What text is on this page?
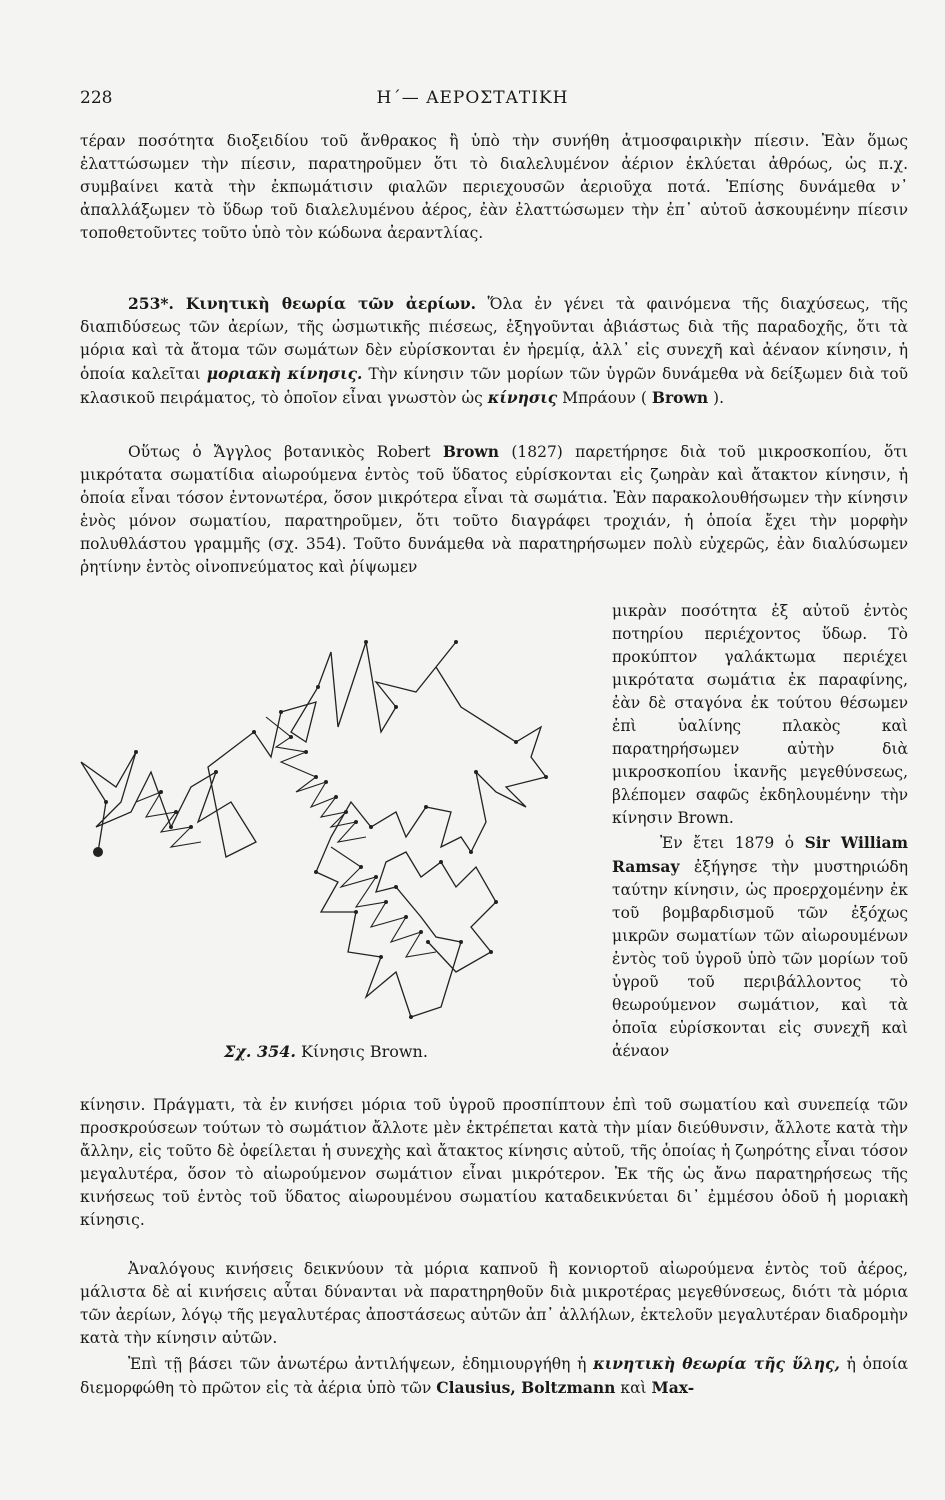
228	Η΄— ΑΕΡΟΣΤΑΤΙΚΗ
τέραν ποσότητα διοξειδίου τοῦ ἄνθρακος ἢ ὑπὸ τὴν συνήθη ἀτμοσφαιρικὴν πίεσιν. Ἐὰν ὅμως ἐλαττώσωμεν τὴν πίεσιν, παρατηροῦμεν ὅτι τὸ διαλελυμένον ἀέριον ἐκλύεται ἀθρόως, ὡς π.χ. συμβαίνει κατὰ τὴν ἐκπωμάτισιν φιαλῶν περιεχουσῶν ἀεριοῦχα ποτά. Ἐπίσης δυνάμεθα ν᾿ ἀπαλλάξωμεν τὸ ὕδωρ τοῦ διαλελυμένου ἀέρος, ἐὰν ἐλαττώσωμεν τὴν ἐπ᾿ αὐτοῦ ἀσκουμένην πίεσιν τοποθετοῦντες τοῦτο ὑπὸ τὸν κώδωνα ἀεραντλίας.
253*. Κινητικὴ θεωρία τῶν ἀερίων. Ὅλα ἐν γένει τὰ φαινόμενα τῆς διαχύσεως, τῆς διαπιδύσεως τῶν ἀερίων, τῆς ὠσμωτικῆς πιέσεως, ἐξηγοῦνται ἀβιάστως διὰ τῆς παραδοχῆς, ὅτι τὰ μόρια καὶ τὰ ἄτομα τῶν σωμάτων δὲν εὑρίσκονται ἐν ἠρεμίᾳ, ἀλλ᾿ εἰς συνεχῆ καὶ ἀέναον κίνησιν, ἡ ὁποία καλεῖται μοριακὴ κίνησις. Τὴν κίνησιν τῶν μορίων τῶν ὑγρῶν δυνάμεθα νὰ δείξωμεν διὰ τοῦ κλασικοῦ πειράματος, τὸ ὁποῖον εἶναι γνωστὸν ὡς κίνησις Μπράουν ( Brown ).
Οὕτως ὁ Ἄγγλος βοτανικὸς Robert Brown (1827) παρετήρησε διὰ τοῦ μικροσκοπίου, ὅτι μικρότατα σωματίδια αἰωρούμενα ἐντὸς τοῦ ὕδατος εὑρίσκονται εἰς ζωηρὰν καὶ ἄτακτον κίνησιν, ἡ ὁποία εἶναι τόσον ἐντονωτέρα, ὅσον μικρότερα εἶναι τὰ σωμάτια. Ἐὰν παρακολουθήσωμεν τὴν κίνησιν ἑνὸς μόνον σωματίου, παρατηροῦμεν, ὅτι τοῦτο διαγράφει τροχιάν, ἡ ὁποία ἔχει τὴν μορφὴν πολυθλάστου γραμμῆς (σχ. 354). Τοῦτο δυνάμεθα νὰ παρατηρήσωμεν πολὺ εὐχερῶς, ἐὰν διαλύσωμεν ῥητίνην ἐντὸς οἰνοπνεύματος καὶ ῥίψωμεν
μικρὰν ποσότητα ἐξ αὐτοῦ ἐντὸς ποτηρίου περιέχοντος ὕδωρ. Τὸ προκύπτον γαλάκτωμα περιέχει μικρότατα σωμάτια ἐκ παραφίνης, ἐὰν δὲ σταγόνα ἐκ τούτου θέσωμεν ἐπὶ ὑαλίνης πλακὸς καὶ παρατηρήσωμεν αὐτὴν διὰ μικροσκοπίου ἱκανῆς μεγεθύνσεως, βλέπομεν σαφῶς ἐκδηλουμένην τὴν κίνησιν Brown.
Ἐν ἔτει 1879 ὁ Sir William Ramsay ἐξήγησε τὴν μυστηριώδη ταύτην κίνησιν, ὡς προερχομένην ἐκ τοῦ βομβαρδισμοῦ τῶν ἐξόχως μικρῶν σωματίων τῶν αἰωρουμένων ἐντὸς τοῦ ὑγροῦ ὑπὸ τῶν μορίων τοῦ ὑγροῦ τοῦ περιβάλλοντος τὸ θεωρούμενον σωμάτιον, καὶ τὰ ὁποῖα εὑρίσκονται εἰς συνεχῆ καὶ ἀέναον
κίνησιν. Πράγματι, τὰ ἐν κινήσει μόρια τοῦ ὑγροῦ προσπίπτουν ἐπὶ τοῦ σωματίου καὶ συνεπείᾳ τῶν προσκρούσεων τούτων τὸ σωμάτιον ἄλλοτε μὲν ἐκτρέπεται κατὰ τὴν μίαν διεύθυνσιν, ἄλλοτε κατὰ τὴν ἄλλην, εἰς τοῦτο δὲ ὀφείλεται ἡ συνεχὴς καὶ ἄτακτος κίνησις αὐτοῦ, τῆς ὁποίας ἡ ζωηρότης εἶναι τόσον μεγαλυτέρα, ὅσον τὸ αἰωρούμενον σωμάτιον εἶναι μικρότερον. Ἐκ τῆς ὡς ἄνω παρατηρήσεως τῆς κινήσεως τοῦ ἐντὸς τοῦ ὕδατος αἰωρουμένου σωματίου καταδεικνύεται δι᾿ ἐμμέσου ὁδοῦ ἡ μοριακὴ κίνησις.
Ἀναλόγους κινήσεις δεικνύουν τὰ μόρια καπνοῦ ἢ κονιορτοῦ αἰωρούμενα ἐντὸς τοῦ ἀέρος, μάλιστα δὲ αἱ κινήσεις αὗται δύνανται νὰ παρατηρηθοῦν διὰ μικροτέρας μεγεθύνσεως, διότι τὰ μόρια τῶν ἀερίων, λόγῳ τῆς μεγαλυτέρας ἀποστάσεως αὐτῶν ἀπ᾿ ἀλλήλων, ἐκτελοῦν μεγαλυτέραν διαδρομὴν κατὰ τὴν κίνησιν αὐτῶν.
Ἐπὶ τῇ βάσει τῶν ἀνωτέρω ἀντιλήψεων, ἐδημιουργήθη ἡ κινητικὴ θεωρία τῆς ὕλης, ἡ ὁποία διεμορφώθη τὸ πρῶτον εἰς τὰ ἀέρια ὑπὸ τῶν Clausius, Boltzmann καὶ Max-
Σχ. 354. Κίνησις Brown.
